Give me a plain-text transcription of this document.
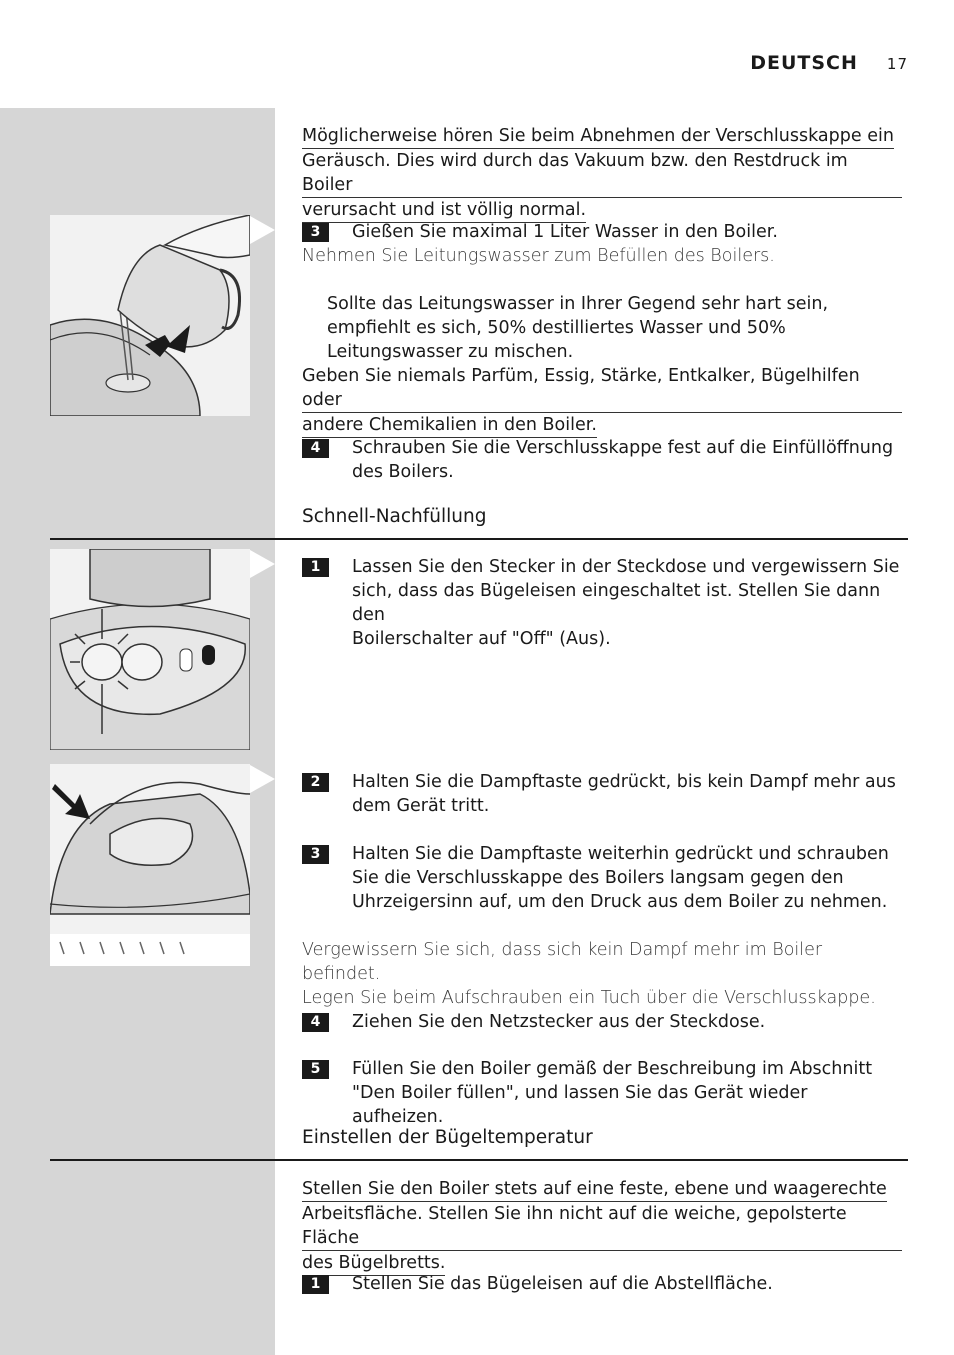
DEUTSCH 17
Möglicherweise hören Sie beim Abnehmen der Verschlusskappe ein
Geräusch. Dies wird durch das Vakuum bzw. den Restdruck im Boiler
verursacht und ist völlig normal.
3	Gießen Sie maximal 1 Liter Wasser in den Boiler.
Nehmen Sie Leitungswasser zum Befüllen des Boilers.
Sollte das Leitungswasser in Ihrer Gegend sehr hart sein,
empfiehlt es sich, 50% destilliertes Wasser und 50%
Leitungswasser zu mischen.
Geben Sie niemals Parfüm, Essig, Stärke, Entkalker, Bügelhilfen oder
andere Chemikalien in den Boiler.
4	Schrauben Sie die Verschlusskappe fest auf die Einfüllöffnung
des Boilers.
Schnell-Nachfüllung
1	Lassen Sie den Stecker in der Steckdose und vergewissern Sie
sich, dass das Bügeleisen eingeschaltet ist. Stellen Sie dann den
Boilerschalter auf "Off" (Aus).
2	Halten Sie die Dampftaste gedrückt, bis kein Dampf mehr aus
dem Gerät tritt.
3	Halten Sie die Dampftaste weiterhin gedrückt und schrauben
Sie die Verschlusskappe des Boilers langsam gegen den
Uhrzeigersinn auf, um den Druck aus dem Boiler zu nehmen.
Vergewissern Sie sich, dass sich kein Dampf mehr im Boiler befindet.
Legen Sie beim Aufschrauben ein Tuch über die Verschlusskappe.
4	Ziehen Sie den Netzstecker aus der Steckdose.
5	Füllen Sie den Boiler gemäß der Beschreibung im Abschnitt
"Den Boiler füllen", und lassen Sie das Gerät wieder aufheizen.
Einstellen der Bügeltemperatur
Stellen Sie den Boiler stets auf eine feste, ebene und waagerechte
Arbeitsfläche. Stellen Sie ihn nicht auf die weiche, gepolsterte Fläche
des Bügelbretts.
1	Stellen Sie das Bügeleisen auf die Abstellfläche.
